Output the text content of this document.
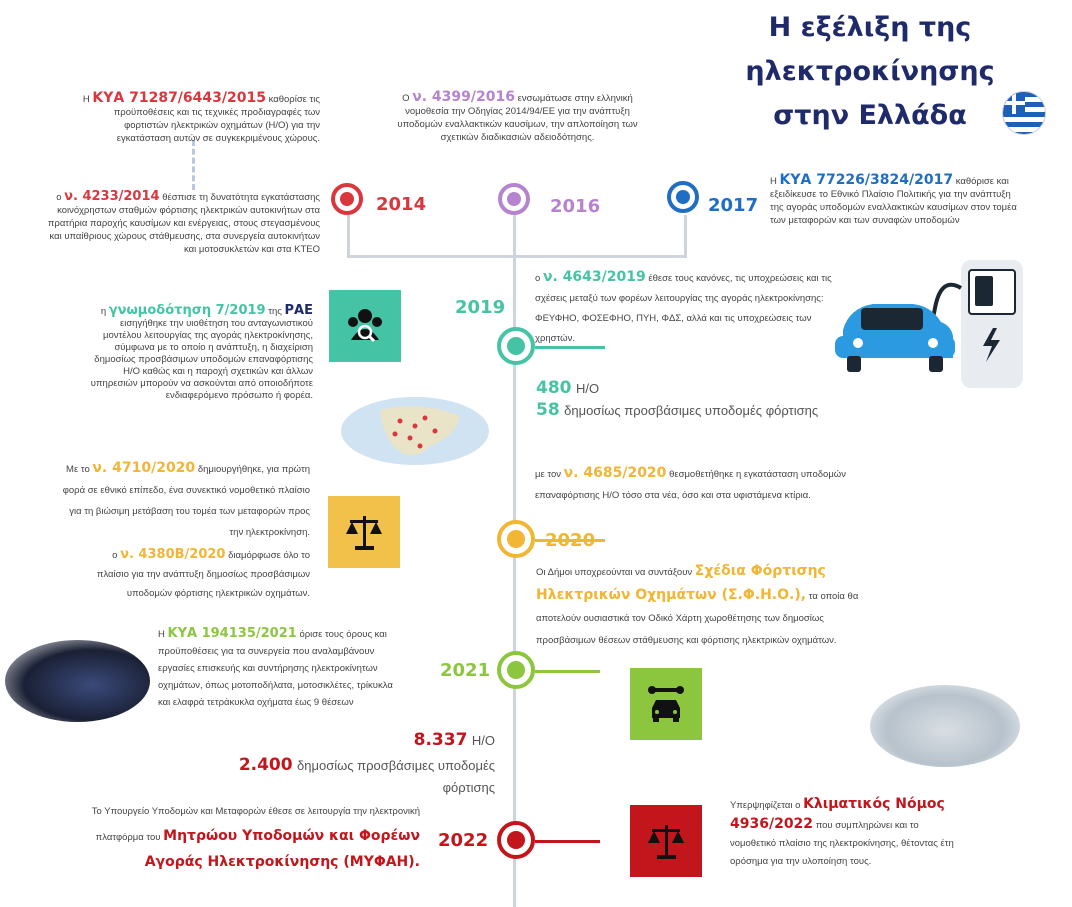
Η εξέλιξη της
ηλεκτροκίνησης
στην Ελλάδα
2014	2016	2017
Η ΚΥΑ 71287/6443/2015 καθορίσε τις προϋποθέσεις και τις τεχνικές προδιαγραφές των φορτιστών ηλεκτρικών οχημάτων (Η/Ο) για την εγκατάσταση αυτών σε συγκεκριμένους χώρους.
ο ν. 4233/2014 θέσπισε τη δυνατότητα εγκατάστασης κοινόχρηστων σταθμών φόρτισης ηλεκτρικών αυτοκινήτων στα πρατήρια παροχής καυσίμων και ενέργειας, στους στεγασμένους και υπαίθριους χώρους στάθμευσης, στα συνεργεία αυτοκινήτων και μοτοσυκλετών και στα ΚΤΕΟ
Ο ν. 4399/2016 ενσωμάτωσε στην ελληνική νομοθεσία την Οδηγίας 2014/94/ΕΕ για την ανάπτυξη υποδομών εναλλακτικών καυσίμων, την απλοποίηση των σχετικών διαδικασιών αδειοδότησης.
Η ΚΥΑ 77226/3824/2017 καθόρισε και εξειδίκευσε το Εθνικό Πλαίσιο Πολιτικής για την ανάπτυξη της αγοράς υποδομών εναλλακτικών καυσίμων στον τομέα των μεταφορών και των συναφών υποδομών
2019
ο ν. 4643/2019 έθεσε τους κανόνες, τις υποχρεώσεις και τις σχέσεις μεταξύ των φορέων λειτουργίας της αγοράς ηλεκτροκίνησης: ΦΕΥΦΗΟ, ΦΟΣΕΦΗΟ, ΠΥΗ, ΦΔΣ, αλλά και τις υποχρεώσεις των χρηστών.
η γνωμοδότηση 7/2019 της ΡΑΕ εισηγήθηκε την υιοθέτηση του ανταγωνιστικού μοντέλου λειτουργίας της αγοράς ηλεκτροκίνησης, σύμφωνα με το οποίο η ανάπτυξη, η διαχείριση δημοσίως προσβάσιμων υποδομών επαναφόρτισης Η/Ο καθώς και η παροχή σχετικών και άλλων υπηρεσιών μπορούν να ασκούνται από οποιοδήποτε ενδιαφερόμενο πρόσωπο ή φορέα.	480 Η/Ο
58 δημοσίως προσβάσιμες υποδομές φόρτισης
2020
Με το ν. 4710/2020 δημιουργήθηκε, για πρώτη φορά σε εθνικό επίπεδο, ένα συνεκτικό νομοθετικό πλαίσιο για τη βιώσιμη μετάβαση του τομέα των μεταφορών προς την ηλεκτροκίνηση.
με τον ν. 4685/2020 θεσμοθετήθηκε η εγκατάσταση υποδομών επαναφόρτισης Η/Ο τόσο στα νέα, όσο και στα υφιστάμενα κτίρια.
ο ν. 4380Β/2020 διαμόρφωσε όλο το πλαίσιο για την ανάπτυξη δημοσίως προσβάσιμων υποδομών φόρτισης ηλεκτρικών οχημάτων.
Οι Δήμοι υποχρεούνται να συντάξουν Σχέδια Φόρτισης Ηλεκτρικών Οχημάτων (Σ.Φ.Η.Ο.), τα οποία θα αποτελούν ουσιαστικά τον Οδικό Χάρτη χωροθέτησης των δημοσίως προσβάσιμων θέσεων στάθμευσης και φόρτισης ηλεκτρικών οχημάτων.
2021
Η ΚΥΑ 194135/2021 όρισε τους όρους και προϋποθέσεις για τα συνεργεία που αναλαμβάνουν εργασίες επισκευής και συντήρησης ηλεκτροκίνητων οχημάτων, όπως μοτοποδήλατα, μοτοσικλέτες, τρίκυκλα και ελαφρά τετράκυκλα οχήματα έως 9 θέσεων
8.337 Η/Ο
2.400 δημοσίως προσβάσιμες υποδομές φόρτισης
2022
Το Υπουργείο Υποδομών και Μεταφορών έθεσε σε λειτουργία την ηλεκτρονική πλατφόρμα του Μητρώου Υποδομών και Φορέων Αγοράς Ηλεκτροκίνησης (ΜΥΦΑΗ).
Υπερψηφίζεται ο Κλιματικός Νόμος 4936/2022 που συμπληρώνει και το νομοθετικό πλαίσιο της ηλεκτροκίνησης, θέτοντας έτη ορόσημα για την υλοποίηση τους.
